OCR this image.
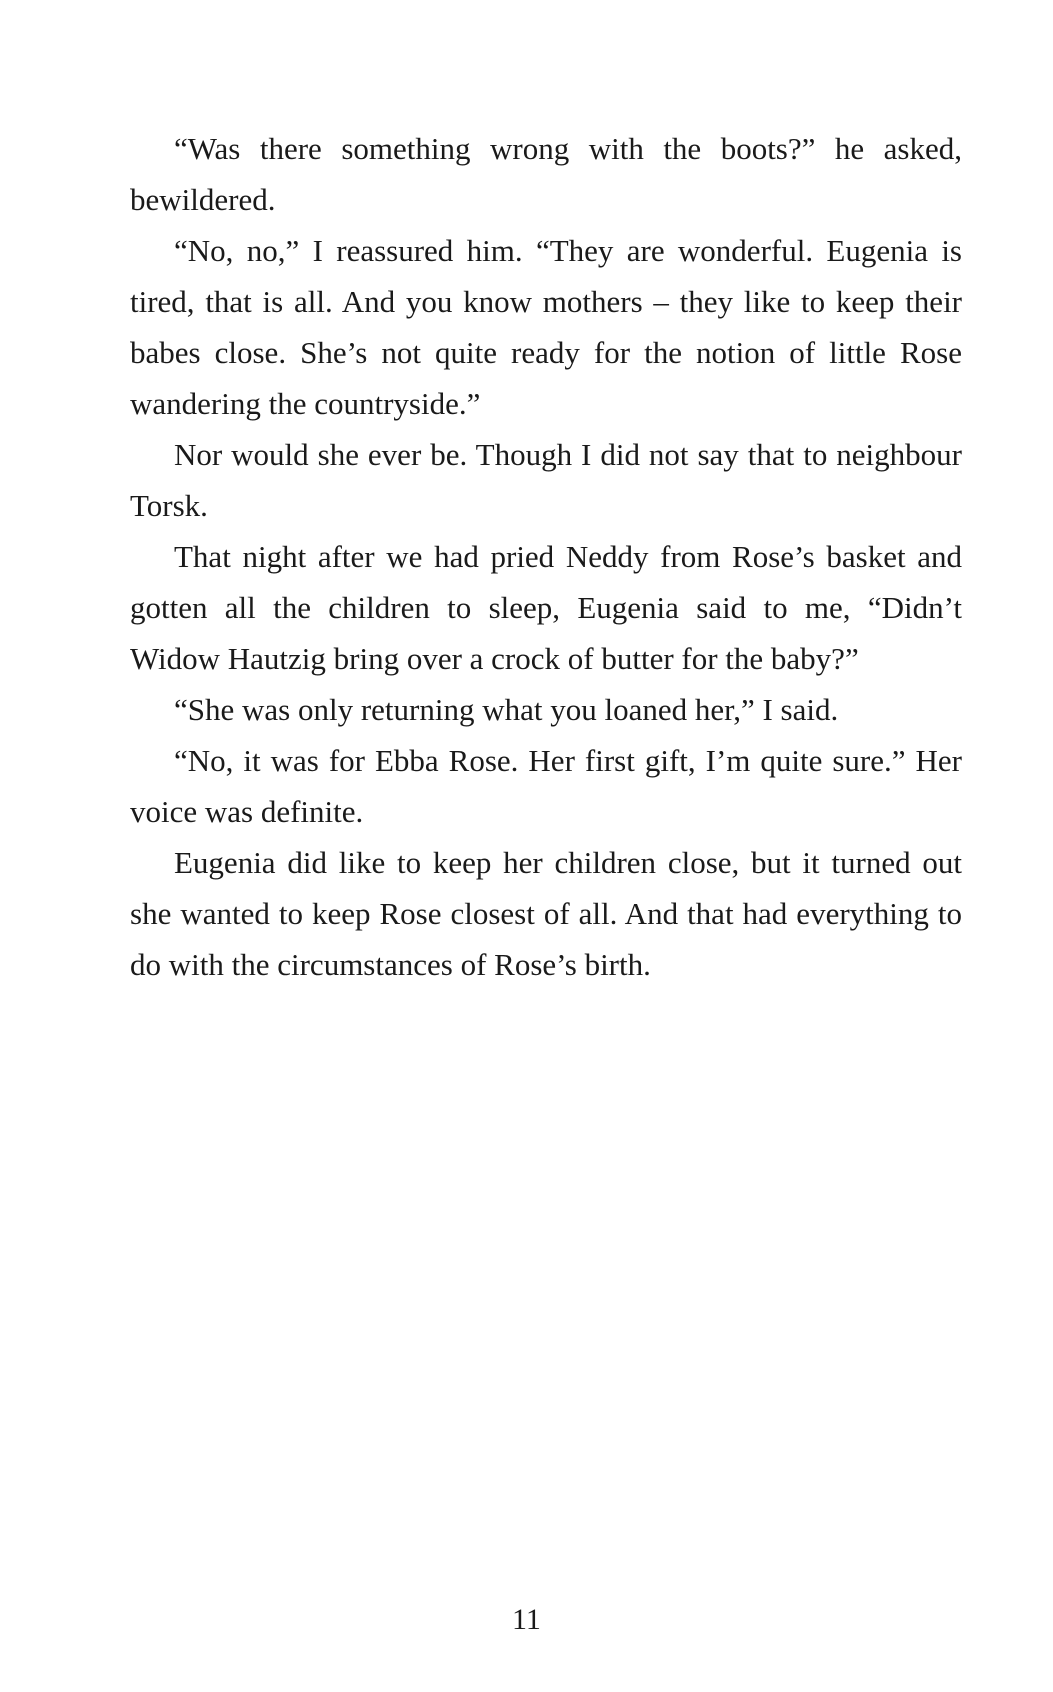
“Was there something wrong with the boots?” he asked, bewildered.

“No, no,” I reassured him. “They are wonderful. Eugenia is tired, that is all. And you know mothers – they like to keep their babes close. She’s not quite ready for the notion of little Rose wandering the countryside.”

Nor would she ever be. Though I did not say that to neighbour Torsk.

That night after we had pried Neddy from Rose’s basket and gotten all the children to sleep, Eugenia said to me, “Didn’t Widow Hautzig bring over a crock of butter for the baby?”

“She was only returning what you loaned her,” I said.

“No, it was for Ebba Rose. Her first gift, I’m quite sure.” Her voice was definite.

Eugenia did like to keep her children close, but it turned out she wanted to keep Rose closest of all. And that had everything to do with the circumstances of Rose’s birth.

11
